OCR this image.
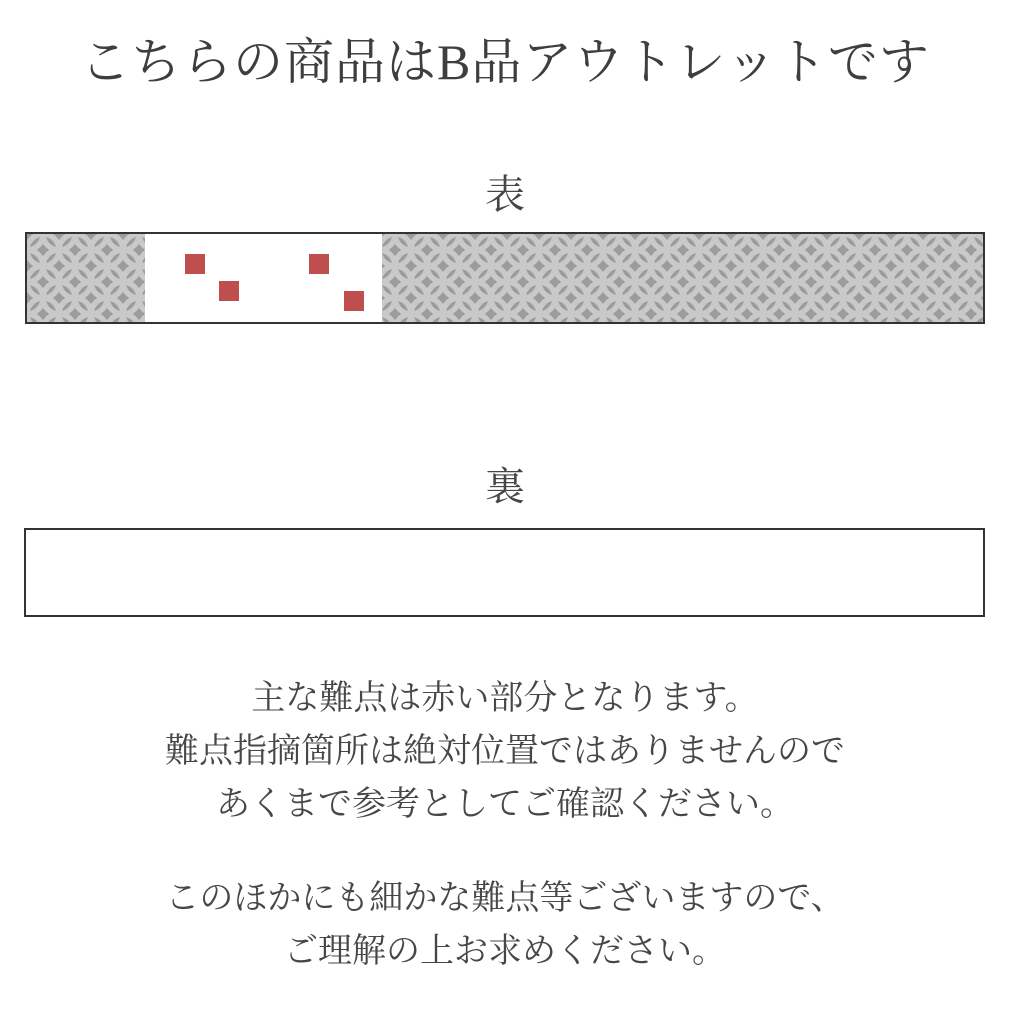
こちらの商品はB品アウトレットです
表
裏

主な難点は赤い部分となります。

難点指摘箇所は絶対位置ではありませんので

あくまで参考としてご確認ください。

このほかにも細かな難点等ございますので、

ご理解の上お求めください。
